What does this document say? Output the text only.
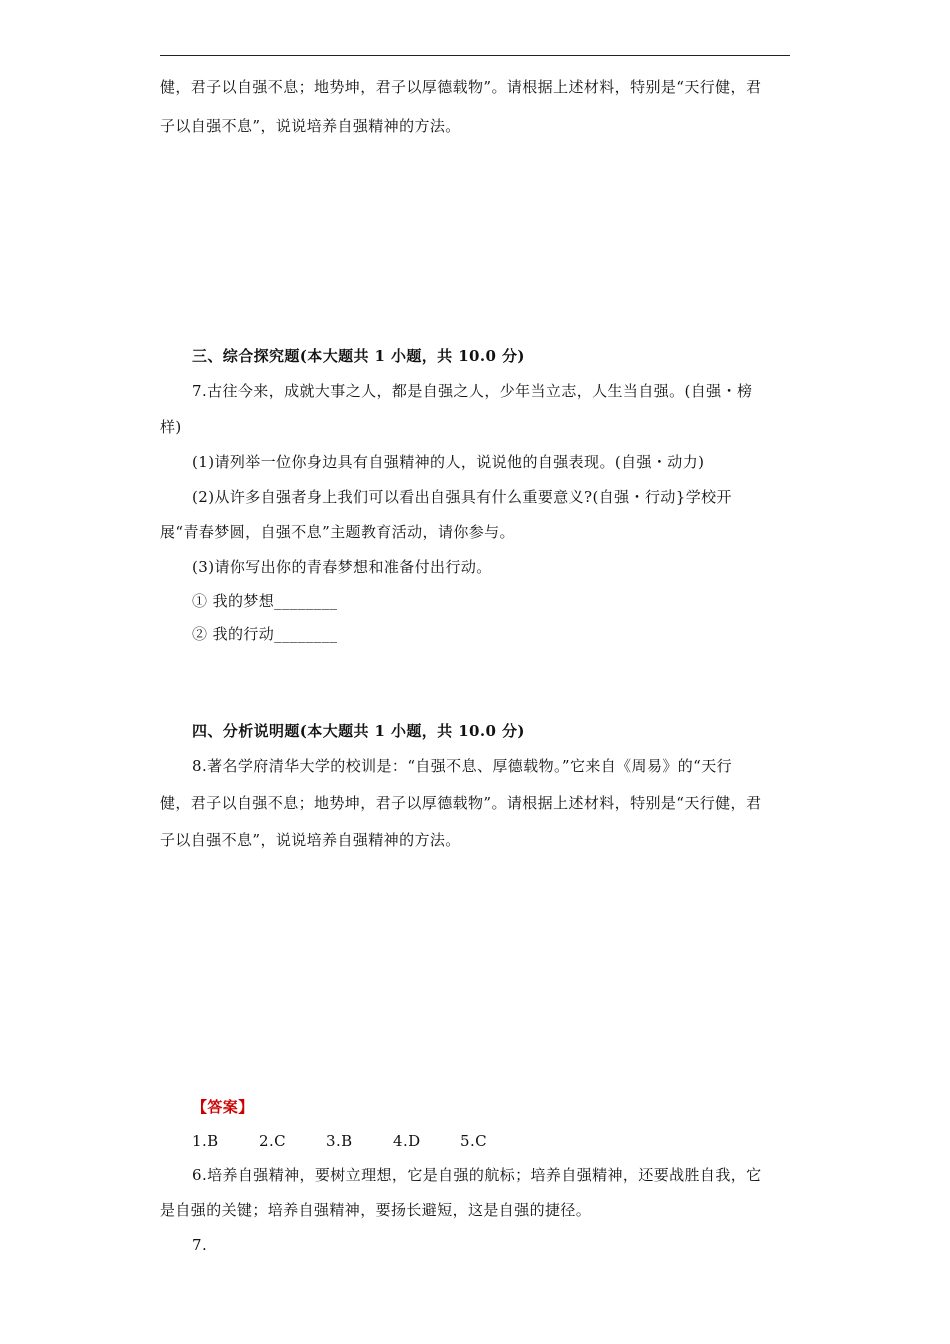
健，君子以自强不息；地势坤，君子以厚德载物”。请根据上述材料，特别是“天行健，君
子以自强不息”，说说培养自强精神的方法。
三、综合探究题(本大题共 1 小题，共 10.0 分)
7.古往今来，成就大事之人，都是自强之人，少年当立志，人生当自强。(自强・榜
样)
(1)请列举一位你身边具有自强精神的人，说说他的自强表现。(自强・动力)
(2)从许多自强者身上我们可以看出自强具有什么重要意义?(自强・行动}学校开
展“青春梦圆，自强不息”主题教育活动，请你参与。
(3)请你写出你的青春梦想和准备付出行动。
① 我的梦想________
② 我的行动________
四、分析说明题(本大题共 1 小题，共 10.0 分)
8.著名学府清华大学的校训是：“自强不息、厚德载物。”它来自《周易》的“天行
健，君子以自强不息；地势坤，君子以厚德载物”。请根据上述材料，特别是“天行健，君
子以自强不息”，说说培养自强精神的方法。
【答案】
1.B	2.C	3.B	4.D	5.C
6.培养自强精神，要树立理想，它是自强的航标；培养自强精神，还要战胜自我，它
是自强的关键；培养自强精神，要扬长避短，这是自强的捷径。
7.
